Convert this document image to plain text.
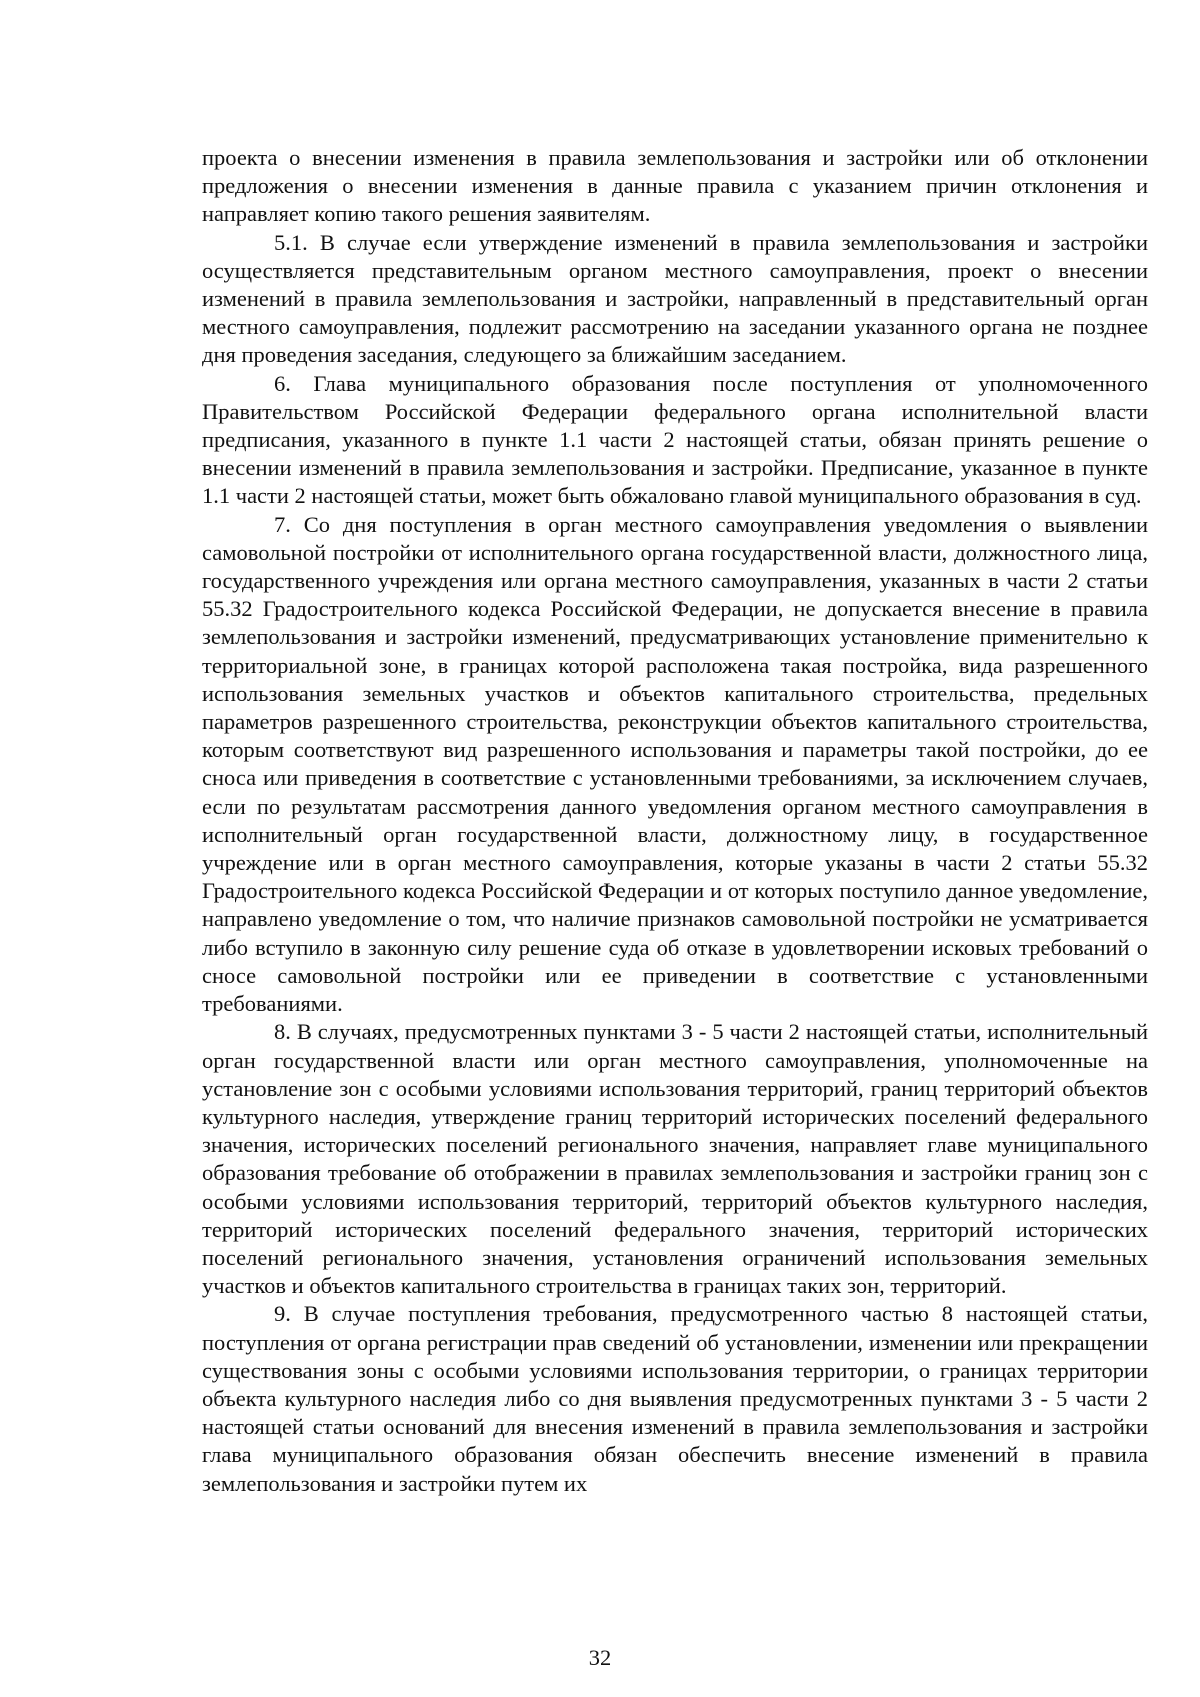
проекта о внесении изменения в правила землепользования и застройки или об отклонении предложения о внесении изменения в данные правила с указанием причин отклонения и направляет копию такого решения заявителям.

5.1. В случае если утверждение изменений в правила землепользования и застройки осуществляется представительным органом местного самоуправления, проект о внесении изменений в правила землепользования и застройки, направленный в представительный орган местного самоуправления, подлежит рассмотрению на заседании указанного органа не позднее дня проведения заседания, следующего за ближайшим заседанием.

6. Глава муниципального образования после поступления от уполномоченного Правительством Российской Федерации федерального органа исполнительной власти предписания, указанного в пункте 1.1 части 2 настоящей статьи, обязан принять решение о внесении изменений в правила землепользования и застройки. Предписание, указанное в пункте 1.1 части 2 настоящей статьи, может быть обжаловано главой муниципального образования в суд.

7. Со дня поступления в орган местного самоуправления уведомления о выявлении самовольной постройки от исполнительного органа государственной власти, должностного лица, государственного учреждения или органа местного самоуправления, указанных в части 2 статьи 55.32 Градостроительного кодекса Российской Федерации, не допускается внесение в правила землепользования и застройки изменений, предусматривающих установление применительно к территориальной зоне, в границах которой расположена такая постройка, вида разрешенного использования земельных участков и объектов капитального строительства, предельных параметров разрешенного строительства, реконструкции объектов капитального строительства, которым соответствуют вид разрешенного использования и параметры такой постройки, до ее сноса или приведения в соответствие с установленными требованиями, за исключением случаев, если по результатам рассмотрения данного уведомления органом местного самоуправления в исполнительный орган государственной власти, должностному лицу, в государственное учреждение или в орган местного самоуправления, которые указаны в части 2 статьи 55.32 Градостроительного кодекса Российской Федерации и от которых поступило данное уведомление, направлено уведомление о том, что наличие признаков самовольной постройки не усматривается либо вступило в законную силу решение суда об отказе в удовлетворении исковых требований о сносе самовольной постройки или ее приведении в соответствие с установленными требованиями.

8. В случаях, предусмотренных пунктами 3 - 5 части 2 настоящей статьи, исполнительный орган государственной власти или орган местного самоуправления, уполномоченные на установление зон с особыми условиями использования территорий, границ территорий объектов культурного наследия, утверждение границ территорий исторических поселений федерального значения, исторических поселений регионального значения, направляет главе муниципального образования требование об отображении в правилах землепользования и застройки границ зон с особыми условиями использования территорий, территорий объектов культурного наследия, территорий исторических поселений федерального значения, территорий исторических поселений регионального значения, установления ограничений использования земельных участков и объектов капитального строительства в границах таких зон, территорий.

9. В случае поступления требования, предусмотренного частью 8 настоящей статьи, поступления от органа регистрации прав сведений об установлении, изменении или прекращении существования зоны с особыми условиями использования территории, о границах территории объекта культурного наследия либо со дня выявления предусмотренных пунктами 3 - 5 части 2 настоящей статьи оснований для внесения изменений в правила землепользования и застройки глава муниципального образования обязан обеспечить внесение изменений в правила землепользования и застройки путем их

32
